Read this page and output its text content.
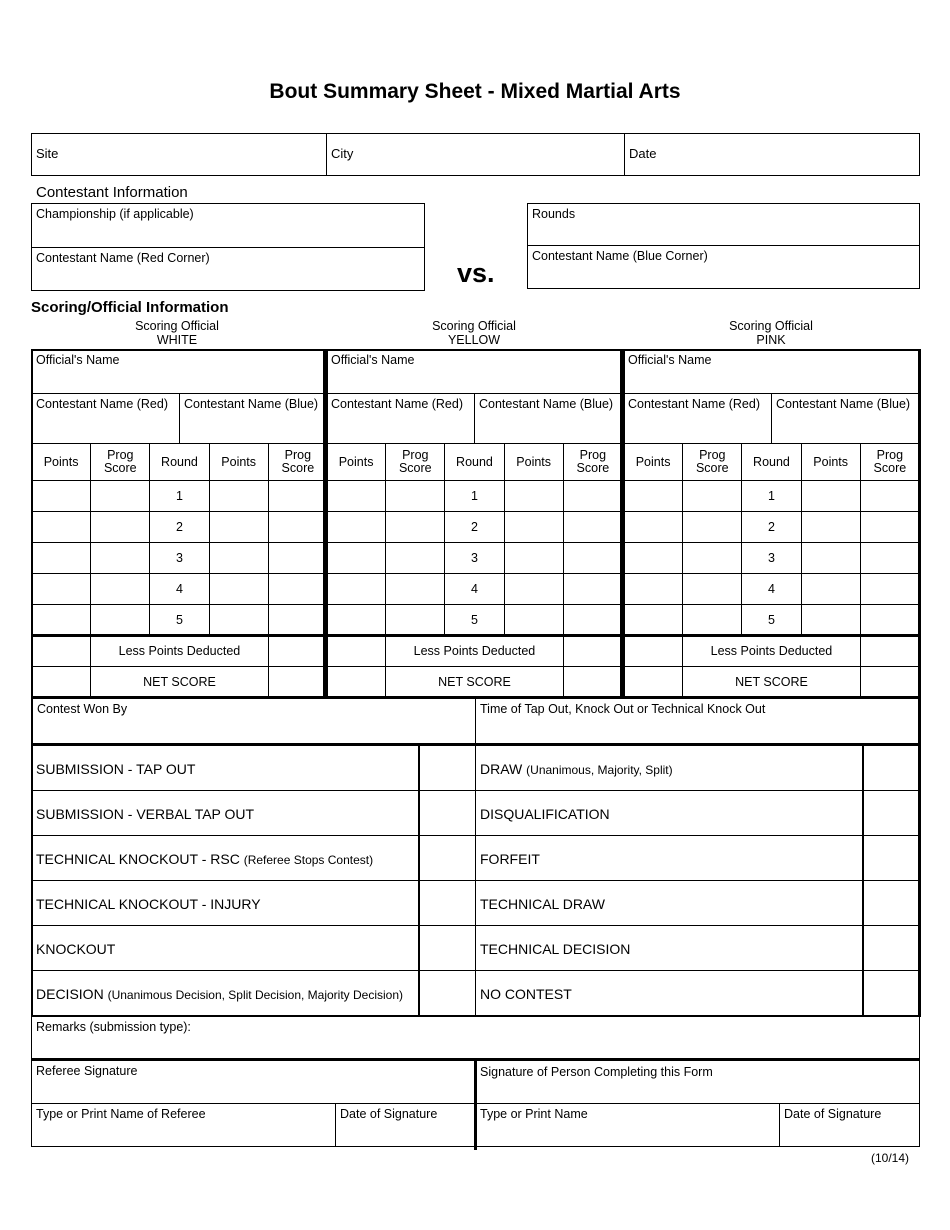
Bout Summary Sheet - Mixed Martial Arts
Site	City	Date
Contestant Information
Championship (if applicable)
Contestant Name (Red Corner)	vs.
Rounds
Contestant Name (Blue Corner)
Scoring/Official Information
Scoring Official
WHITE
Scoring Official
YELLOW
Scoring Official
PINK
Official's Name				

Contestant Name (Red) Contestant Name (Blue)				

Points	Prog Score	Round	Points	Prog Score
		1		
		2		
		3		
		4		
		5		
	Less Points Deducted			
	NET SCORE			
Official's Name				

Contestant Name (Red) Contestant Name (Blue)				

Points	Prog Score	Round	Points	Prog Score
		1		
		2		
		3		
		4		
		5		
	Less Points Deducted			
	NET SCORE			
Official's Name				

Contestant Name (Red) Contestant Name (Blue)				

Points	Prog Score	Round	Points	Prog Score
		1		
		2		
		3		
		4		
		5		
	Less Points Deducted			
	NET SCORE			
Contest Won By	Time of Tap Out, Knock Out or Technical Knock Out
SUBMISSION - TAP OUT	DRAW (Unanimous, Majority, Split)
SUBMISSION - VERBAL TAP OUT	DISQUALIFICATION
TECHNICAL KNOCKOUT - RSC (Referee Stops Contest)	FORFEIT
TECHNICAL KNOCKOUT - INJURY	TECHNICAL DRAW
KNOCKOUT	TECHNICAL DECISION
DECISION (Unanimous Decision, Split Decision, Majority Decision)	NO CONTEST
Remarks (submission type):
Referee Signature	Signature of Person Completing this Form
Type or Print Name of Referee	Date of Signature	Type or Print Name	Date of Signature
(10/14)
